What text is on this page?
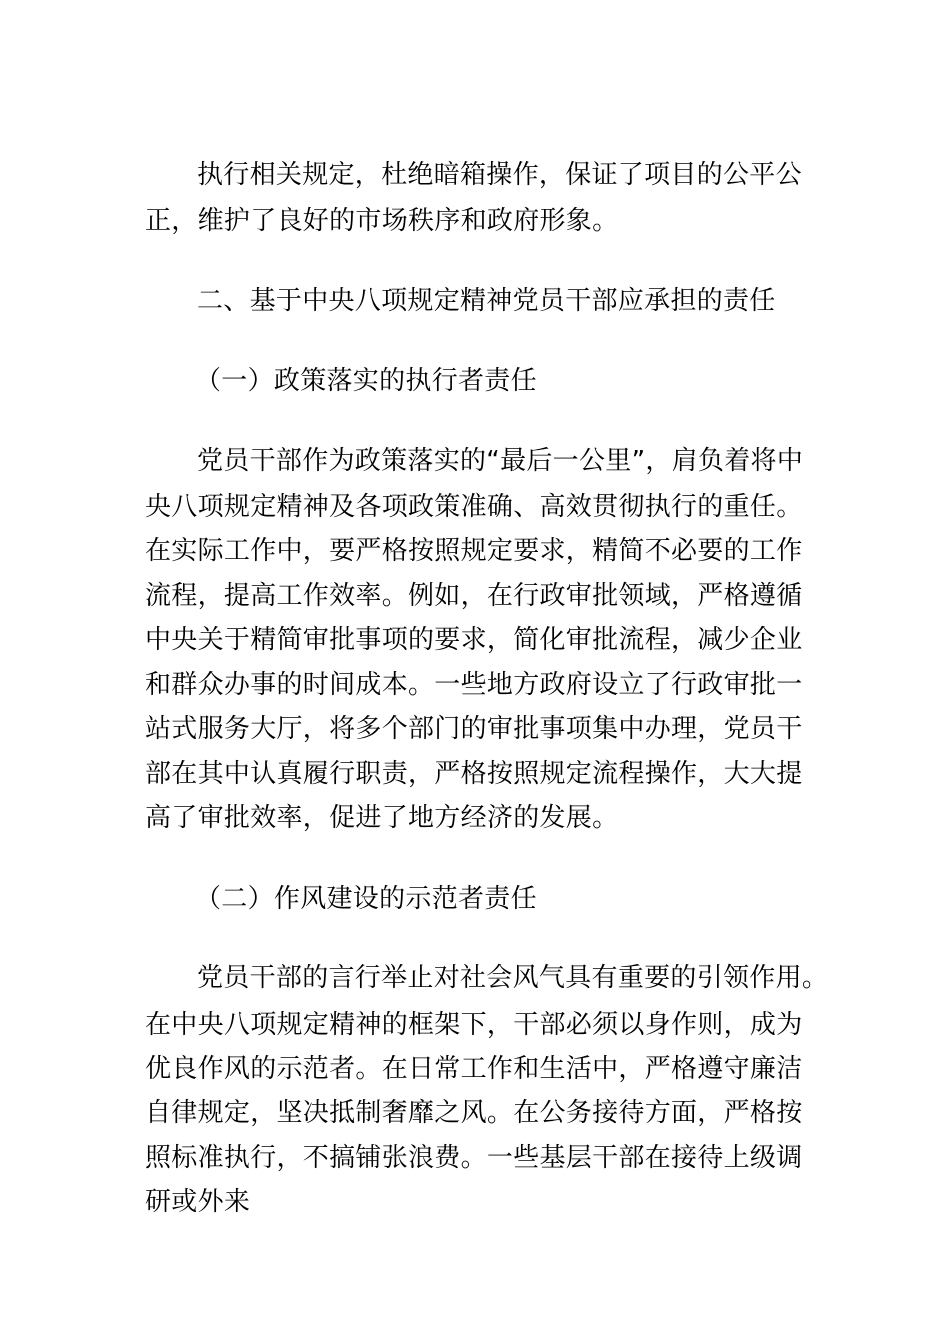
执行相关规定，杜绝暗箱操作，保证了项目的公平公
正，维护了良好的市场秩序和政府形象。
二、基于中央八项规定精神党员干部应承担的责任
（一）政策落实的执行者责任
党员干部作为政策落实的“最后一公里”，肩负着将中
央八项规定精神及各项政策准确、高效贯彻执行的重任。
在实际工作中，要严格按照规定要求，精简不必要的工作
流程，提高工作效率。例如，在行政审批领域，严格遵循
中央关于精简审批事项的要求，简化审批流程，减少企业
和群众办事的时间成本。一些地方政府设立了行政审批一
站式服务大厅，将多个部门的审批事项集中办理，党员干
部在其中认真履行职责，严格按照规定流程操作，大大提
高了审批效率，促进了地方经济的发展。
（二）作风建设的示范者责任
党员干部的言行举止对社会风气具有重要的引领作用。
在中央八项规定精神的框架下，干部必须以身作则，成为
优良作风的示范者。在日常工作和生活中，严格遵守廉洁
自律规定，坚决抵制奢靡之风。在公务接待方面，严格按
照标准执行，不搞铺张浪费。一些基层干部在接待上级调
研或外来
